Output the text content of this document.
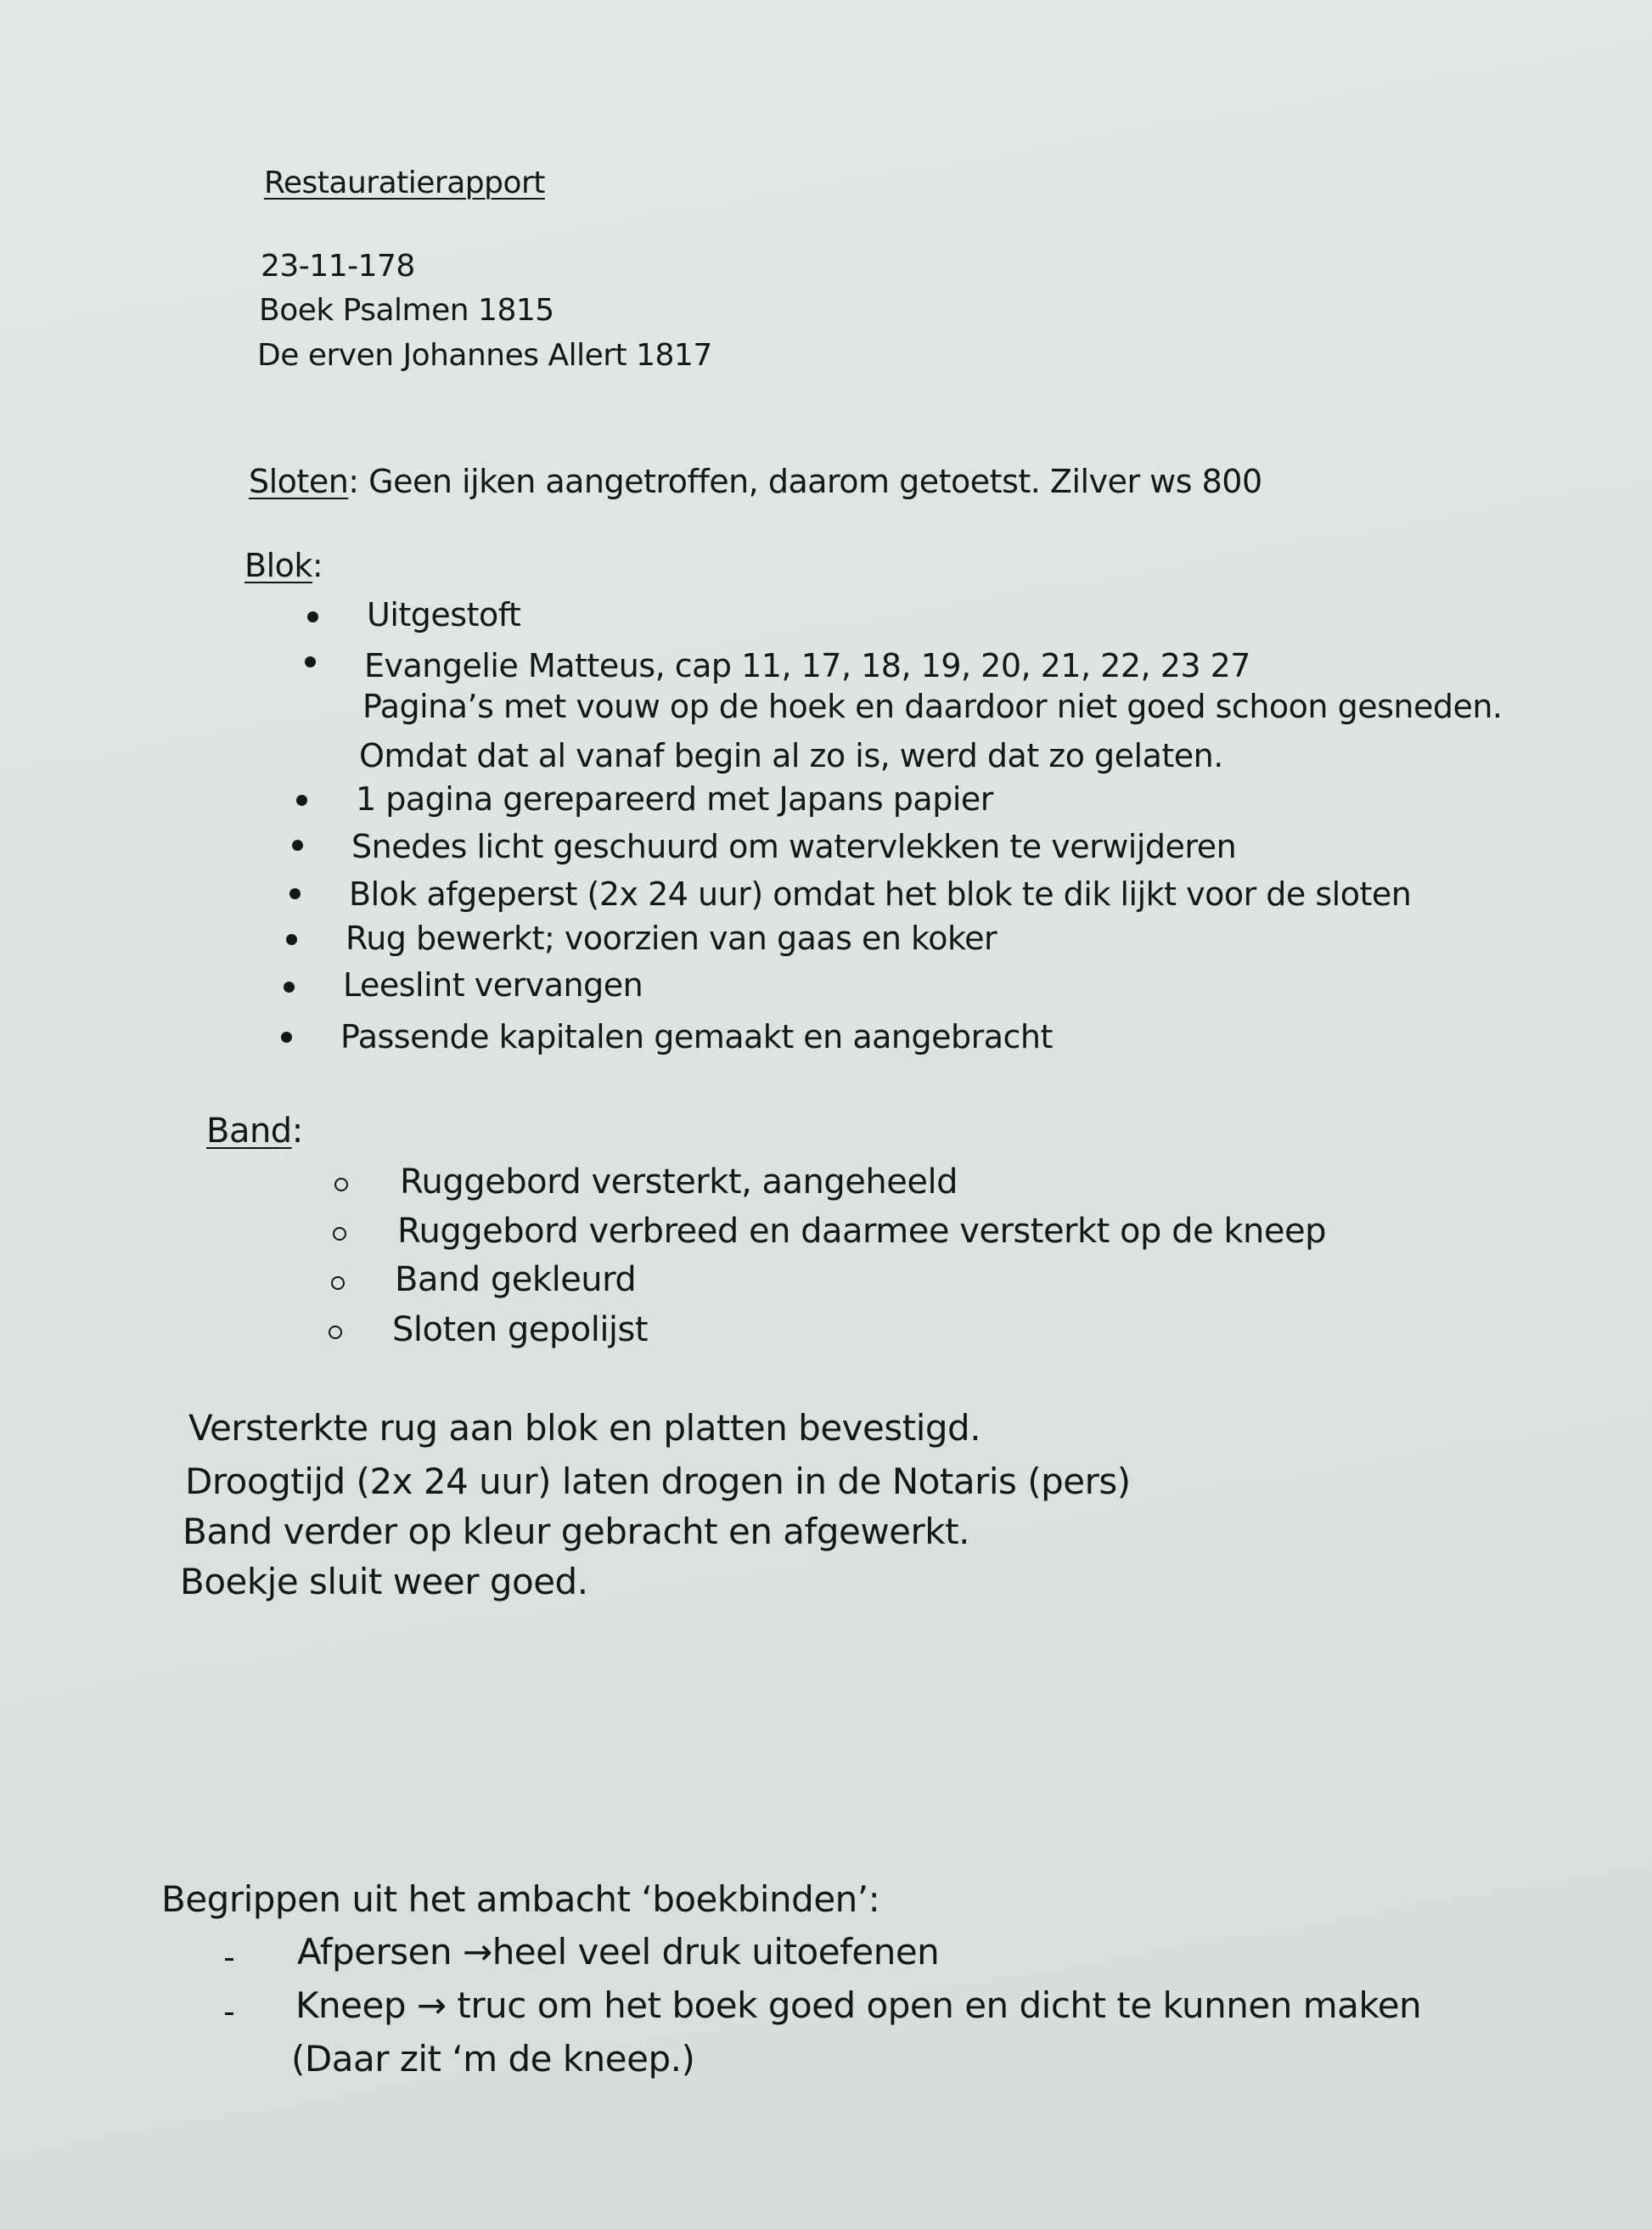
Restauratierapport
23-11-178
Boek Psalmen 1815
De erven Johannes Allert 1817
Sloten: Geen ijken aangetroffen, daarom getoetst. Zilver ws 800
Blok:
Uitgestoft
Evangelie Matteus, cap 11, 17, 18, 19, 20, 21, 22, 23 27
Pagina’s met vouw op de hoek en daardoor niet goed schoon gesneden.
Omdat dat al vanaf begin al zo is, werd dat zo gelaten.
1 pagina gerepareerd met Japans papier
Snedes licht geschuurd om watervlekken te verwijderen
Blok afgeperst (2x 24 uur) omdat het blok te dik lijkt voor de sloten
Rug bewerkt; voorzien van gaas en koker
Leeslint vervangen
Passende kapitalen gemaakt en aangebracht
Band:
Ruggebord versterkt, aangeheeld
Ruggebord verbreed en daarmee versterkt op de kneep
Band gekleurd
Sloten gepolijst
Versterkte rug aan blok en platten bevestigd.
Droogtijd (2x 24 uur) laten drogen in de Notaris (pers)
Band verder op kleur gebracht en afgewerkt.
Boekje sluit weer goed.
Begrippen uit het ambacht ‘boekbinden’:
Afpersen →heel veel druk uitoefenen
Kneep → truc om het boek goed open en dicht te kunnen maken
(Daar zit ‘m de kneep.)
